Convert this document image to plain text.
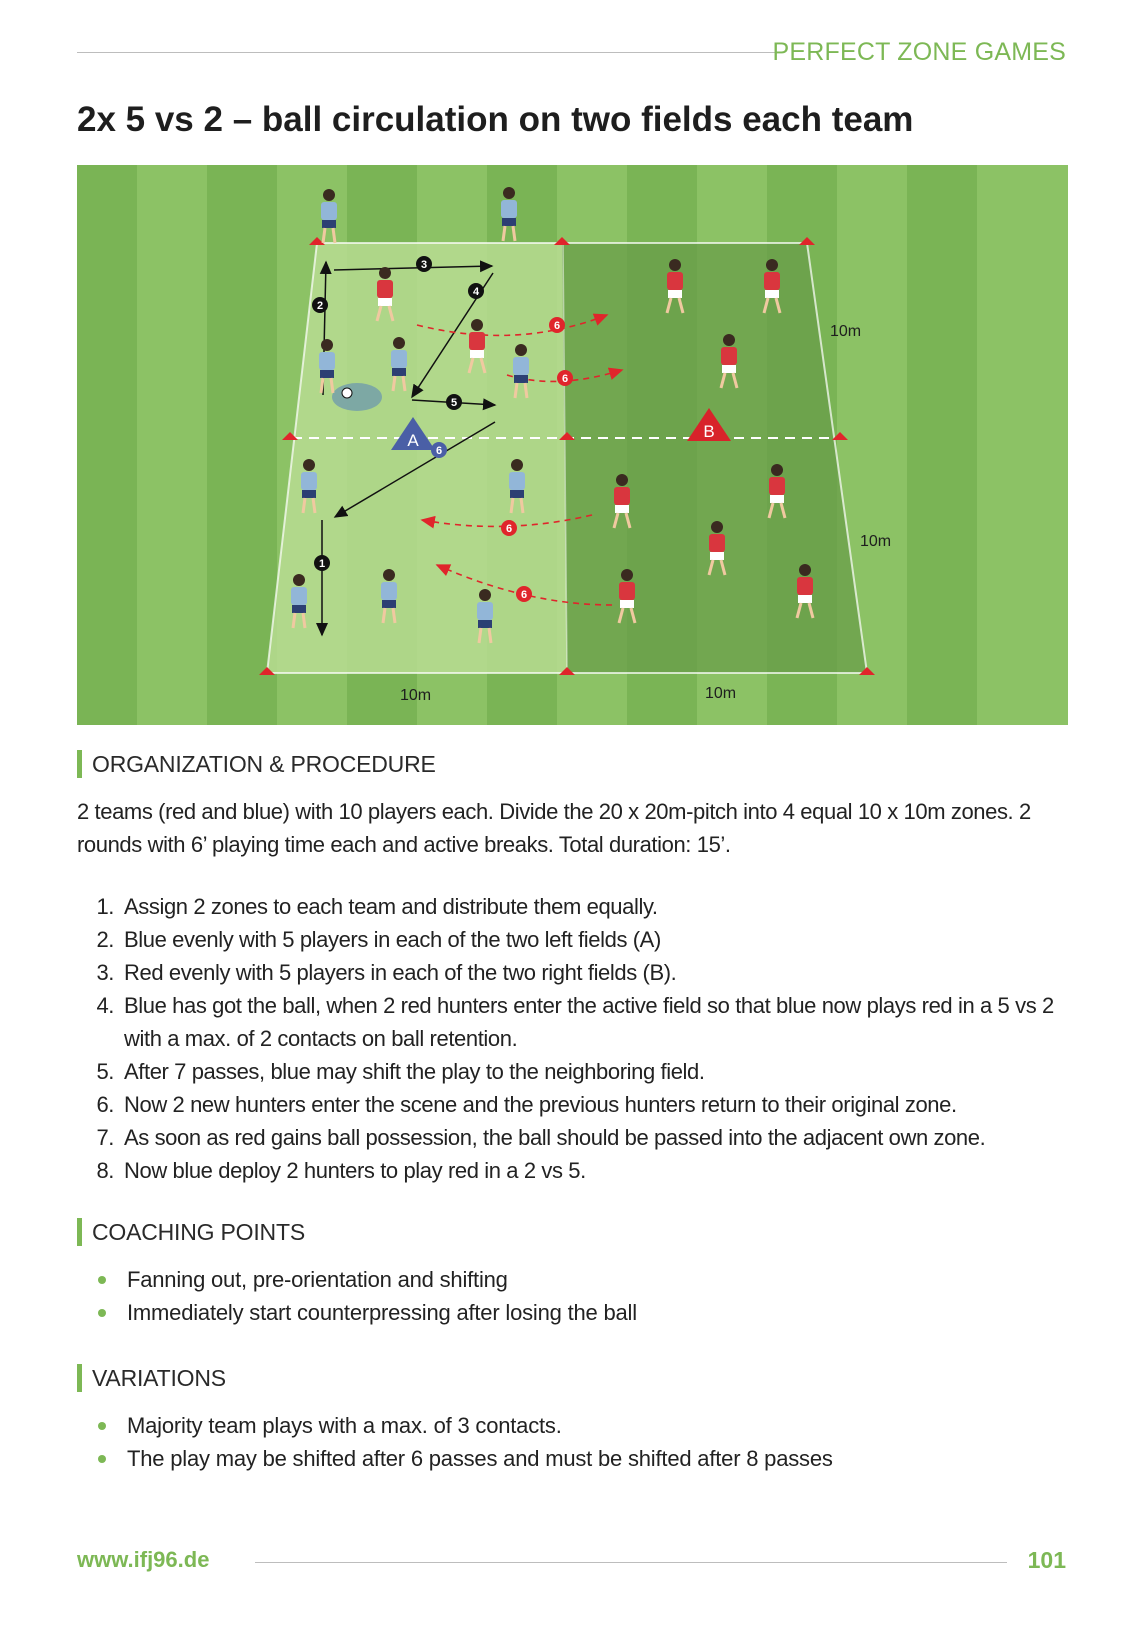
PERFECT ZONE GAMES
2x 5 vs 2 – ball circulation on two fields each team
A	B
1
2
3
4
5
6
6
6
6
6
10m
10m
10m	10m
ORGANIZATION & PROCEDURE

2 teams (red and blue) with 10 players each. Divide the 20 x 20m-pitch into 4 equal 10 x 10m zones. 2 rounds with 6’ playing time each and active breaks. Total duration: 15’.

1. Assign 2 zones to each team and distribute them equally.
2. Blue evenly with 5 players in each of the two left fields (A)
3. Red evenly with 5 players in each of the two right fields (B).
4. Blue has got the ball, when 2 red hunters enter the active field so that blue now plays red in a 5 vs 2 with a max. of 2 contacts on ball retention.
5. After 7 passes, blue may shift the play to the neighboring field.
6. Now 2 new hunters enter the scene and the previous hunters return to their original zone.
7. As soon as red gains ball possession, the ball should be passed into the adjacent own zone.
8. Now blue deploy 2 hunters to play red in a 2 vs 5.
COACHING POINTS
Fanning out, pre-orientation and shifting
Immediately start counterpressing after losing the ball
VARIATIONS
Majority team plays with a max. of 3 contacts.
The play may be shifted after 6 passes and must be shifted after 8 passes
www.ifj96.de	101
